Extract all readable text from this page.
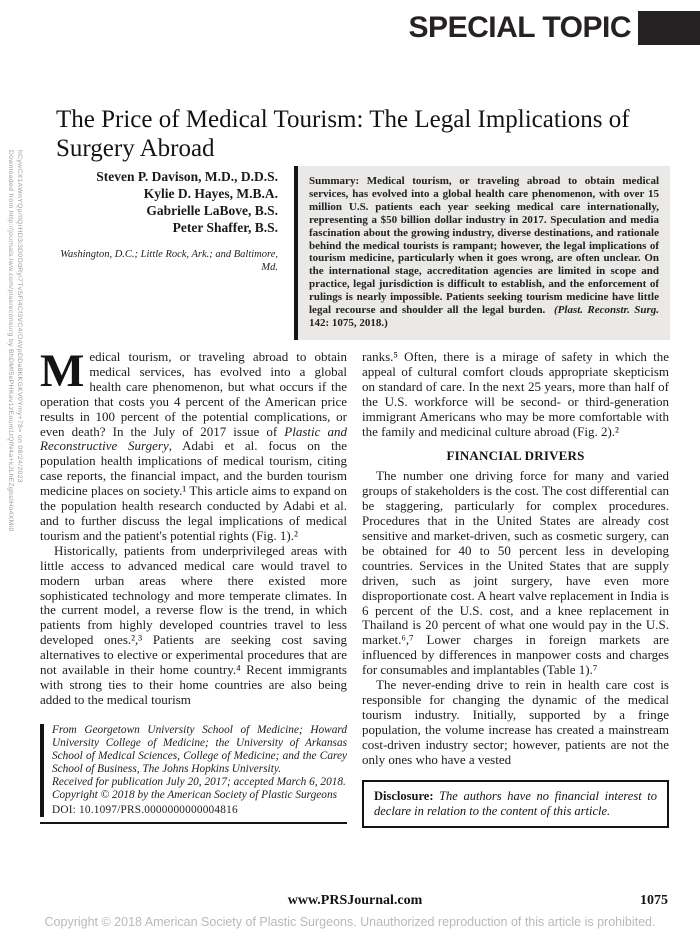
Downloaded from http://journals.lww.com/plasreconsurg by BhDMf5ePHKav1zEoum1tQfN4a+kJLhEZgbsIHo4XMi0 hCywCX1AWnYQp/IlQrHD3i3D0OdRyi7TvSFl4Cf3VC4/OAVpDDa8KKGKV0Ymy+78= on 08/24/2023
SPECIAL TOPIC
The Price of Medical Tourism: The Legal Implications of Surgery Abroad
Steven P. Davison, M.D., D.D.S.
Kylie D. Hayes, M.B.A.
Gabrielle LaBove, B.S.
Peter Shaffer, B.S.
Washington, D.C.; Little Rock, Ark.; and Baltimore, Md.
Summary: Medical tourism, or traveling abroad to obtain medical services, has evolved into a global health care phenomenon, with over 15 million U.S. patients each year seeking medical care internationally, representing a $50 billion dollar industry in 2017. Speculation and media fascination about the growing industry, diverse destinations, and rationale behind the medical tourists is rampant; however, the legal implications of tourism medicine, particularly when it goes wrong, are often unclear. On the international stage, accreditation agencies are limited in scope and practice, legal jurisdiction is difficult to establish, and the enforcement of rulings is nearly impossible. Patients seeking tourism medicine have little legal recourse and shoulder all the legal burden.  (Plast. Reconstr. Surg. 142: 1075, 2018.)

Medical tourism, or traveling abroad to obtain medical services, has evolved into a global health care phenomenon, but what occurs if the operation that costs you 4 percent of the American price results in 100 percent of the potential complications, or even death? In the July of 2017 issue of Plastic and Reconstructive Surgery, Adabi et al. focus on the population health implications of medical tourism, citing case reports, the financial impact, and the burden tourism medicine places on society.¹ This article aims to expand on the population health research conducted by Adabi et al. and to further discuss the legal implications of medical tourism and the patient's potential rights (Fig. 1).²

Historically, patients from underprivileged areas with little access to advanced medical care would travel to modern urban areas where there existed more sophisticated technology and more temperate climates. In the current model, a reverse flow is the trend, in which patients from highly developed countries travel to less developed ones.²,³ Patients are seeking cost saving alternatives to elective or experimental procedures that are not available in their home country.⁴ Recent immigrants with strong ties to their home countries are also being added to the medical tourism

From Georgetown University School of Medicine; Howard University College of Medicine; the University of Arkansas School of Medical Sciences, College of Medicine; and the Carey School of Business, The Johns Hopkins University.
Received for publication July 20, 2017; accepted March 6, 2018.
Copyright © 2018 by the American Society of Plastic Surgeons
DOI: 10.1097/PRS.0000000000004816

ranks.⁵ Often, there is a mirage of safety in which the appeal of cultural comfort clouds appropriate skepticism on standard of care. In the next 25 years, more than half of the U.S. workforce will be second- or third-generation immigrant Americans who may be more comfortable with the family and medicinal culture abroad (Fig. 2).²

FINANCIAL DRIVERS

The number one driving force for many and varied groups of stakeholders is the cost. The cost differential can be staggering, particularly for complex procedures. Procedures that in the United States are already cost sensitive and market-driven, such as cosmetic surgery, can be obtained for 40 to 50 percent less in developing countries. Services in the United States that are supply driven, such as joint surgery, have even more disproportionate cost. A heart valve replacement in India is 6 percent of the U.S. cost, and a knee replacement in Thailand is 20 percent of what one would pay in the U.S. market.⁶,⁷ Lower charges in foreign markets are influenced by differences in manpower costs and charges for consumables and implantables (Table 1).⁷

The never-ending drive to rein in health care cost is responsible for changing the dynamic of the medical tourism industry. Initially, supported by a fringe population, the volume increase has created a mainstream cost-driven industry sector; however, patients are not the only ones who have a vested

Disclosure: The authors have no financial interest to declare in relation to the content of this article.
www.PRSJournal.com	1075
Copyright © 2018 American Society of Plastic Surgeons. Unauthorized reproduction of this article is prohibited.
